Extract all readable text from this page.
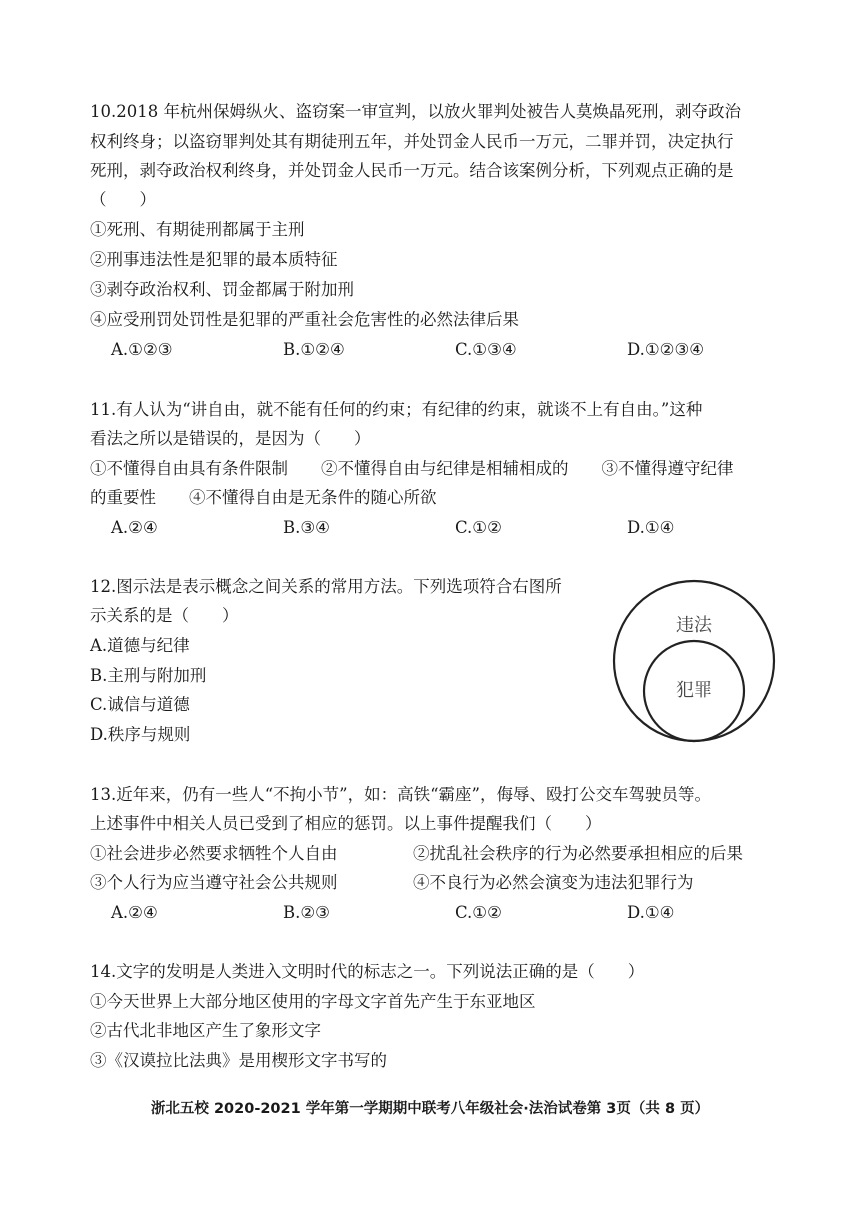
10.2018 年杭州保姆纵火、盗窃案一审宣判，以放火罪判处被告人莫焕晶死刑，剥夺政治
权利终身；以盗窃罪判处其有期徒刑五年，并处罚金人民币一万元，二罪并罚，决定执行
死刑，剥夺政治权利终身，并处罚金人民币一万元。结合该案例分析，下列观点正确的是
（　　）
①死刑、有期徒刑都属于主刑
②刑事违法性是犯罪的最本质特征
③剥夺政治权利、罚金都属于附加刑
④应受刑罚处罚性是犯罪的严重社会危害性的必然法律后果
A.①②③	B.①②④	C.①③④	D.①②③④
11.有人认为“讲自由，就不能有任何的约束；有纪律的约束，就谈不上有自由。”这种
看法之所以是错误的，是因为（　　）
①不懂得自由具有条件限制　　②不懂得自由与纪律是相辅相成的　　③不懂得遵守纪律
的重要性　　④不懂得自由是无条件的随心所欲
A.②④	B.③④	C.①②	D.①④
12.图示法是表示概念之间关系的常用方法。下列选项符合右图所
示关系的是（　　）
A.道德与纪律
B.主刑与附加刑
C.诚信与道德
D.秩序与规则
违法
犯罪
13.近年来，仍有一些人“不拘小节”，如：高铁“霸座”，侮辱、殴打公交车驾驶员等。
上述事件中相关人员已受到了相应的惩罚。以上事件提醒我们（　　）
①社会进步必然要求牺牲个人自由	②扰乱社会秩序的行为必然要承担相应的后果
③个人行为应当遵守社会公共规则	④不良行为必然会演变为违法犯罪行为
A.②④	B.②③	C.①②	D.①④
14.文字的发明是人类进入文明时代的标志之一。下列说法正确的是（　　）
①今天世界上大部分地区使用的字母文字首先产生于东亚地区
②古代北非地区产生了象形文字
③《汉谟拉比法典》是用楔形文字书写的
浙北五校 2020-2021 学年第一学期期中联考八年级社会·法治试卷第 3页（共 8 页）
